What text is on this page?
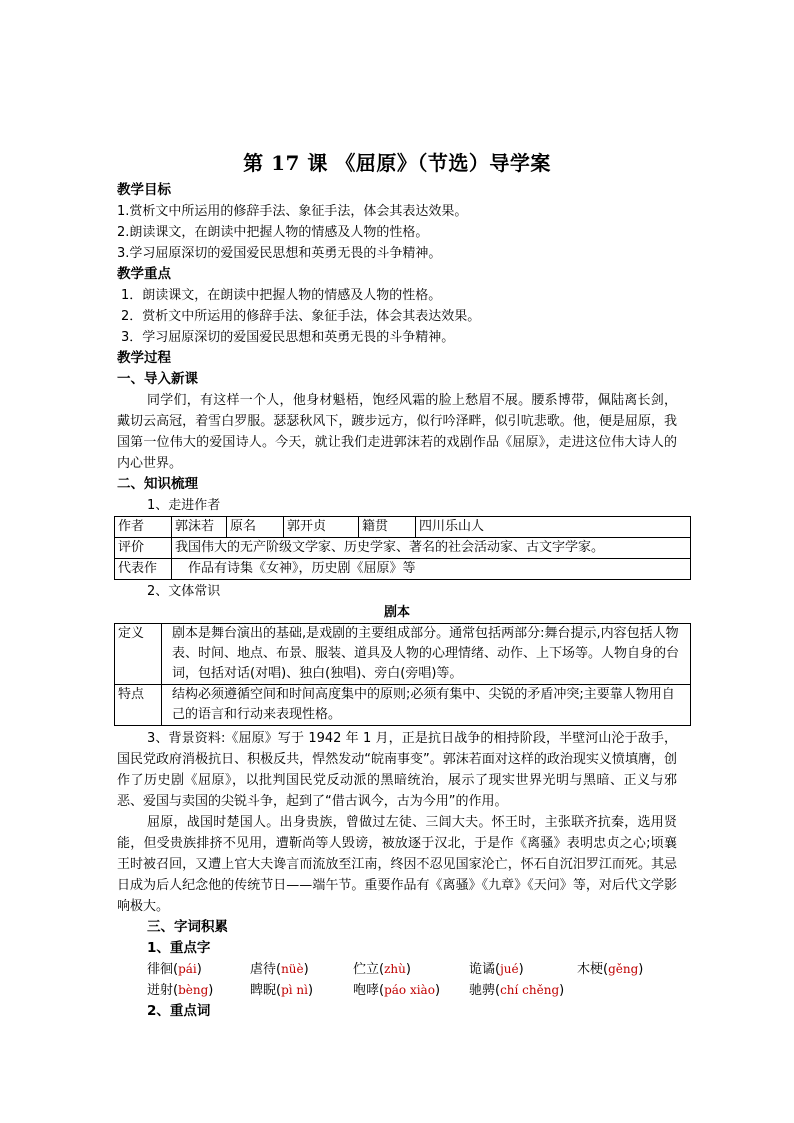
第 17 课 《屈原》（节选）导学案
教学目标
1.赏析文中所运用的修辞手法、象征手法，体会其表达效果。
2.朗读课文，在朗读中把握人物的情感及人物的性格。
3.学习屈原深切的爱国爱民思想和英勇无畏的斗争精神。
教学重点
1．朗读课文，在朗读中把握人物的情感及人物的性格。
2．赏析文中所运用的修辞手法、象征手法，体会其表达效果。
3．学习屈原深切的爱国爱民思想和英勇无畏的斗争精神。
教学过程
一、导入新课
同学们，有这样一个人，他身材魁梧，饱经风霜的脸上愁眉不展。腰系博带，佩陆离长剑，戴切云高冠，着雪白罗服。瑟瑟秋风下，踱步远方，似行吟泽畔，似引吭悲歌。他，便是屈原，我国第一位伟大的爱国诗人。今天，就让我们走进郭沫若的戏剧作品《屈原》，走进这位伟大诗人的内心世界。
二、知识梳理
1、走进作者
作者	郭沫若	原名	郭开贞	籍贯	四川乐山人
评价	我国伟大的无产阶级文学家、历史学家、著名的社会活动家、古文字学家。				
代表作	作品有诗集《女神》，历史剧《屈原》等				
2、文体常识
剧本
定义	剧本是舞台演出的基础,是戏剧的主要组成部分。通常包括两部分:舞台提示,内容包括人物表、时间、地点、布景、服装、道具及人物的心理情绪、动作、上下场等。人物自身的台词，包括对话(对唱)、独白(独唱)、旁白(旁唱)等。
特点	结构必须遵循空间和时间高度集中的原则;必须有集中、尖锐的矛盾冲突;主要靠人物用自己的语言和行动来表现性格。
3、背景资料:《屈原》写于 1942 年 1 月，正是抗日战争的相持阶段，半壁河山沦于敌手，国民党政府消极抗日、积极反共，悍然发动“皖南事变”。郭沫若面对这样的政治现实义愤填膺，创作了历史剧《屈原》，以批判国民党反动派的黑暗统治，展示了现实世界光明与黑暗、正义与邪恶、爱国与卖国的尖锐斗争，起到了“借古讽今，古为今用”的作用。
屈原，战国时楚国人。出身贵族，曾做过左徒、三闾大夫。怀王时，主张联齐抗秦，选用贤能，但受贵族排挤不见用，遭靳尚等人毁谤，被放逐于汉北，于是作《离骚》表明忠贞之心;顷襄王时被召回，又遭上官大夫谗言而流放至江南，终因不忍见国家沦亡，怀石自沉汨罗江而死。其忌日成为后人纪念他的传统节日——端午节。重要作品有《离骚》《九章》《天问》等，对后代文学影响极大。
三、字词积累
1、重点字
徘徊(pái)	虐待(nüè)	伫立(zhù)	诡谲(jué)	木梗(gěng)
迸射(bèng)	睥睨(pì nì)	咆哮(páo xiào) 驰骋(chí chěng)
2、重点词
